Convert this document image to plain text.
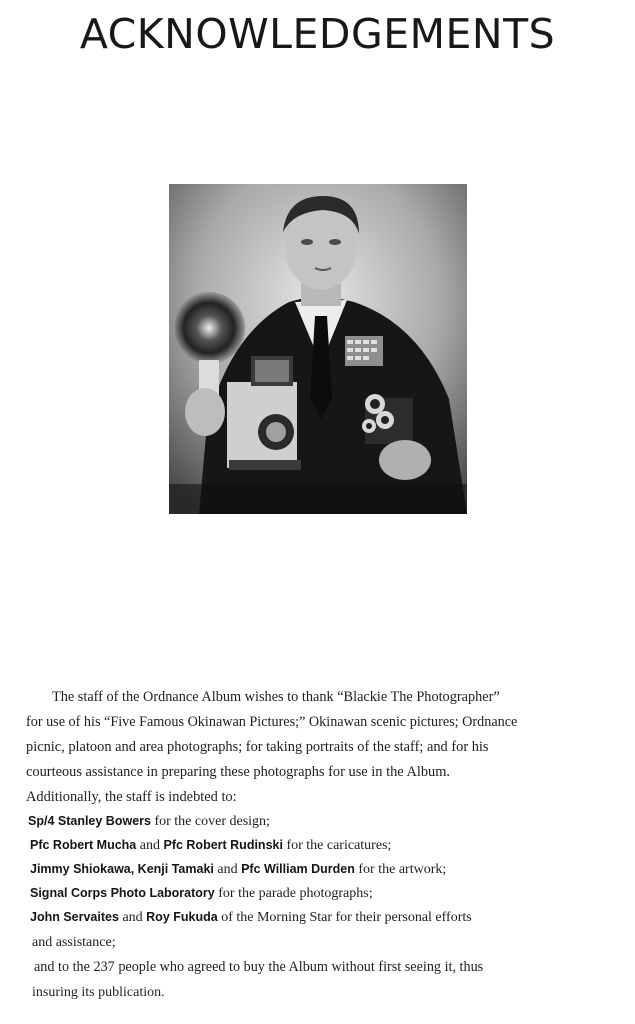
ACKNOWLEDGEMENTS
The staff of the Ordnance Album wishes to thank “Blackie The Photographer”
for use of his “Five Famous Okinawan Pictures;” Okinawan scenic pictures; Ordnance
picnic, platoon and area photographs; for taking portraits of the staff; and for his
courteous assistance in preparing these photographs for use in the Album.
Additionally, the staff is indebted to:
Sp/4 Stanley Bowers for the cover design;
Pfc Robert Mucha and Pfc Robert Rudinski for the caricatures;
Jimmy Shiokawa, Kenji Tamaki and Pfc William Durden for the artwork;
Signal Corps Photo Laboratory for the parade photographs;
John Servaites and Roy Fukuda of the Morning Star for their personal efforts
and assistance;
and to the 237 people who agreed to buy the Album without first seeing it, thus
insuring its publication.
